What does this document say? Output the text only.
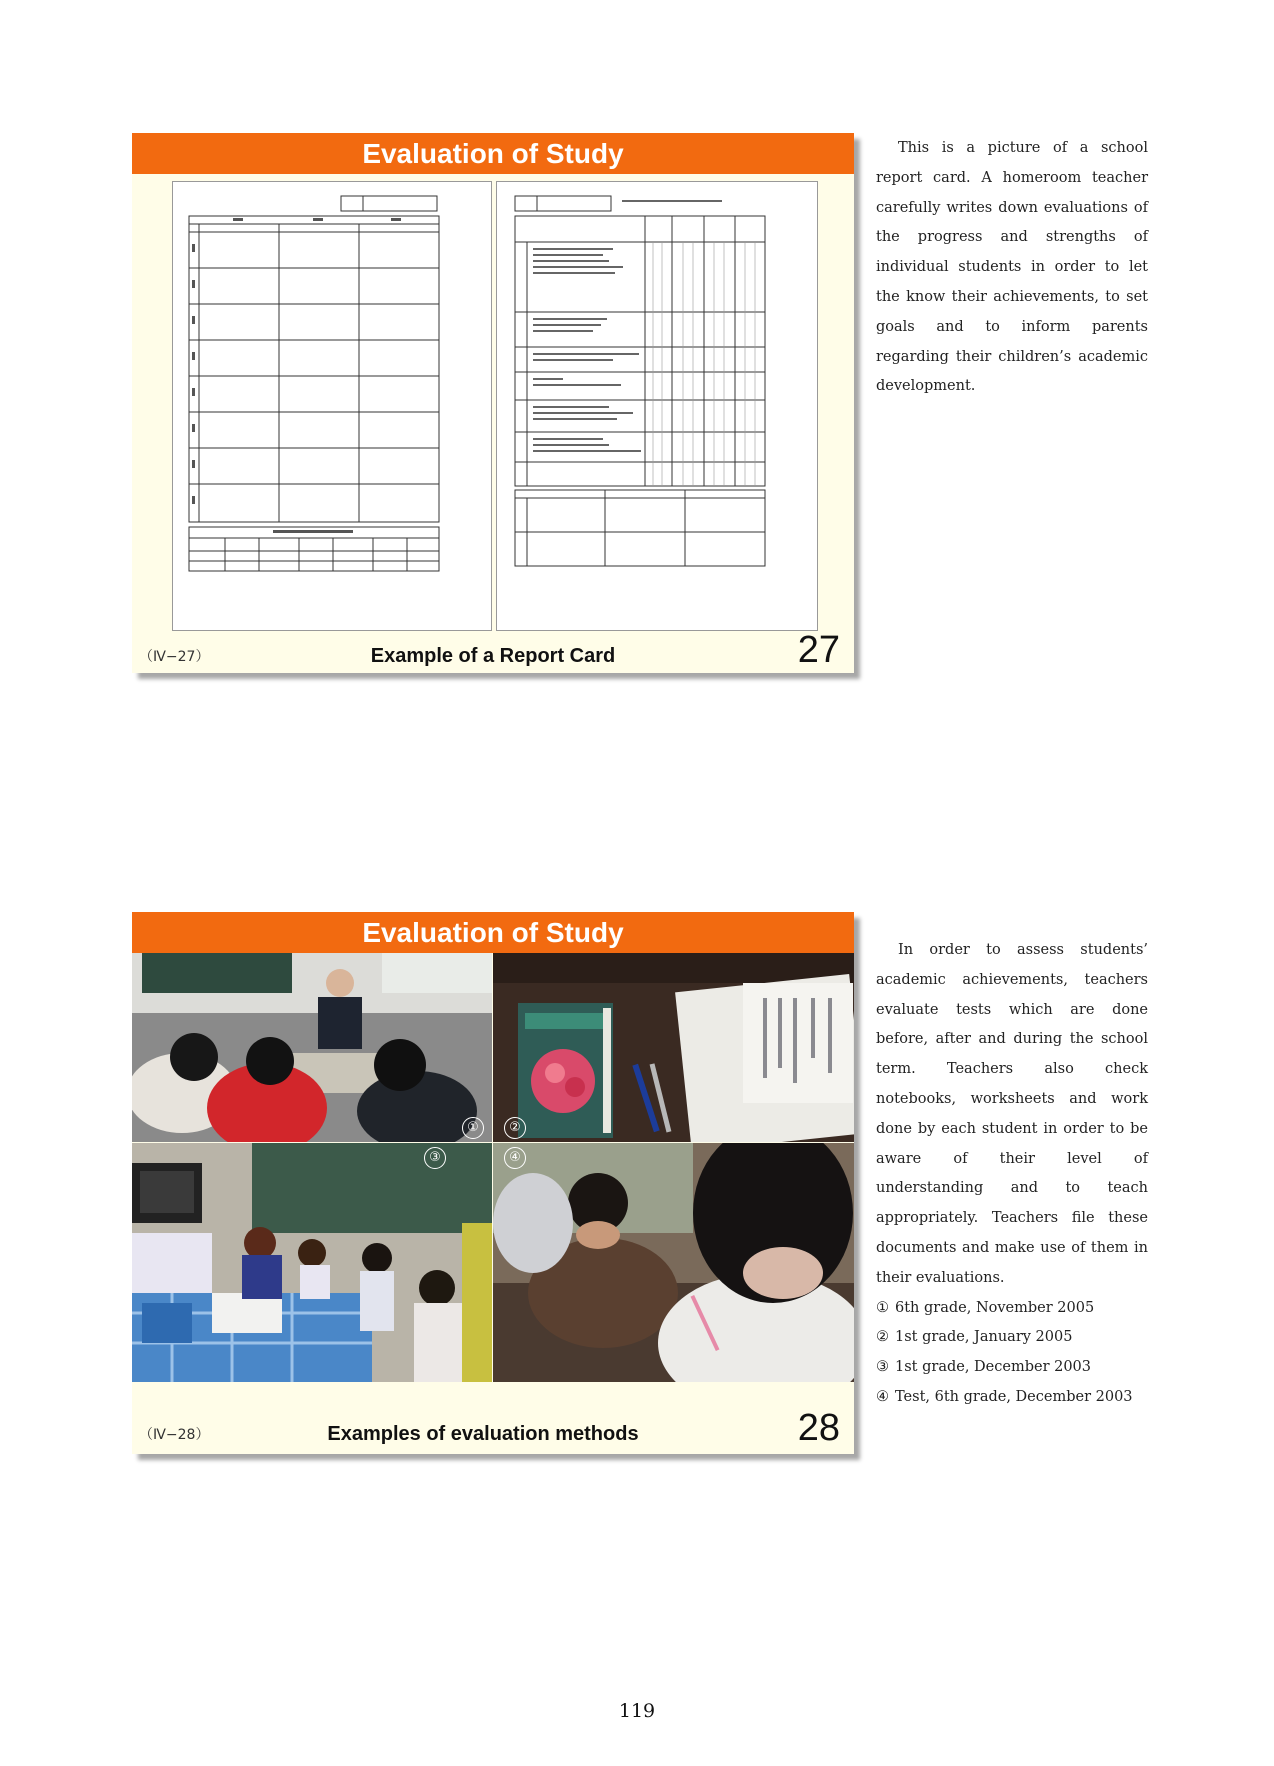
Evaluation of Study
（Ⅳ−27）	Example of a Report Card	27
Evaluation of Study
①	②
③	④
（Ⅳ−28）	Examples of evaluation methods	28

This is a picture of a school report card. A homeroom teacher carefully writes down evaluations of the progress and strengths of individual students in order to let the know their achievements, to set goals and to inform parents regarding their children’s academic development.

In order to assess students’ academic achievements, teachers evaluate tests which are done before, after and during the school term. Teachers also check notebooks, worksheets and work done by each student in order to be aware of their level of understanding and to teach appropriately. Teachers file these documents and make use of them in their evaluations.

① 6th grade, November 2005
② 1st grade, January 2005
③ 1st grade, December 2003
④ Test, 6th grade, December 2003
119
